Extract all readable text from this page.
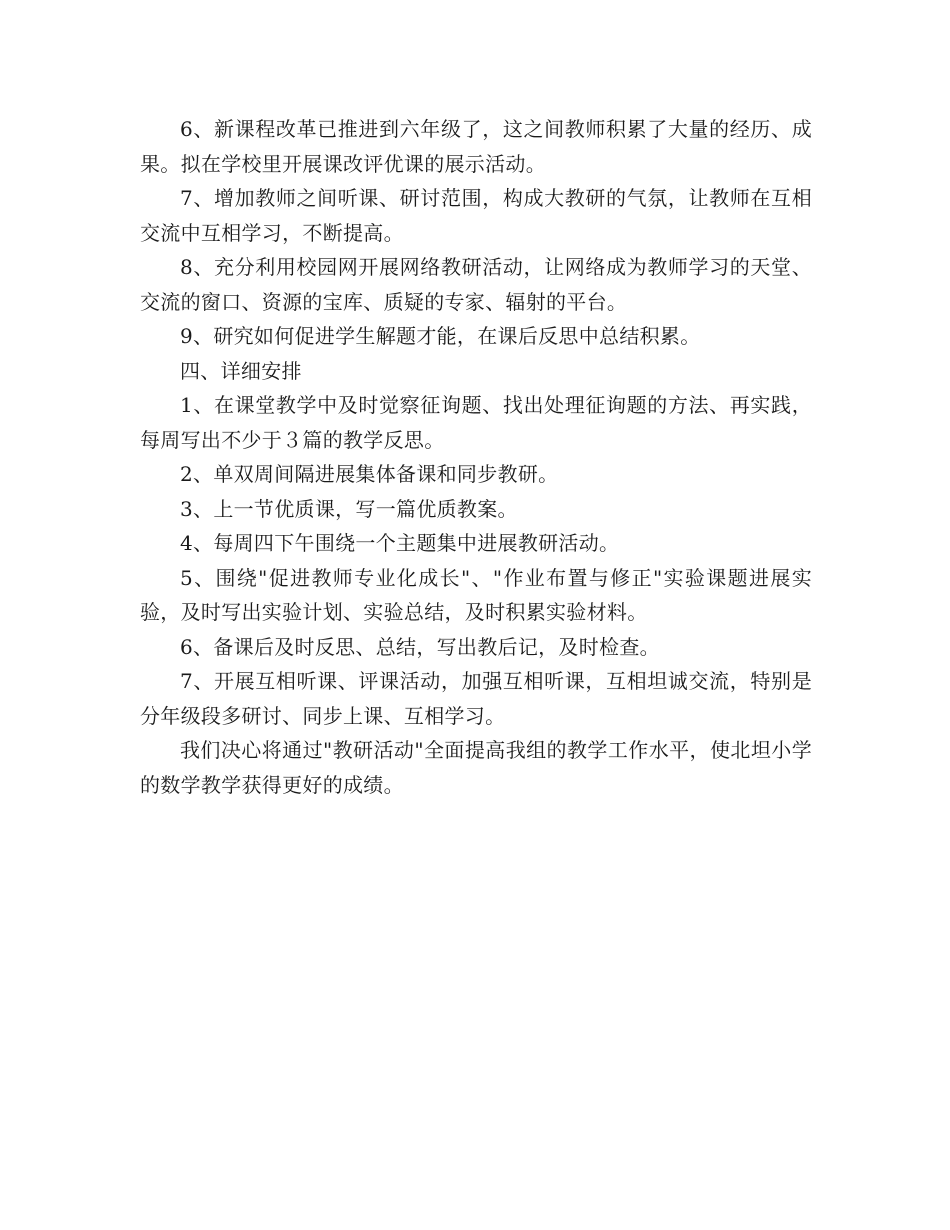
6、新课程改革已推进到六年级了，这之间教师积累了大量的经历、成果。拟在学校里开展课改评优课的展示活动。

7、增加教师之间听课、研讨范围，构成大教研的气氛，让教师在互相交流中互相学习，不断提高。

8、充分利用校园网开展网络教研活动，让网络成为教师学习的天堂、交流的窗口、资源的宝库、质疑的专家、辐射的平台。

9、研究如何促进学生解题才能，在课后反思中总结积累。

四、详细安排

1、在课堂教学中及时觉察征询题、找出处理征询题的方法、再实践，每周写出不少于３篇的教学反思。

2、单双周间隔进展集体备课和同步教研。

3、上一节优质课，写一篇优质教案。

4、每周四下午围绕一个主题集中进展教研活动。

5、围绕"促进教师专业化成长"、"作业布置与修正"实验课题进展实验，及时写出实验计划、实验总结，及时积累实验材料。

6、备课后及时反思、总结，写出教后记，及时检查。

7、开展互相听课、评课活动，加强互相听课，互相坦诚交流，特别是分年级段多研讨、同步上课、互相学习。

我们决心将通过"教研活动"全面提高我组的教学工作水平，使北坦小学的数学教学获得更好的成绩。
